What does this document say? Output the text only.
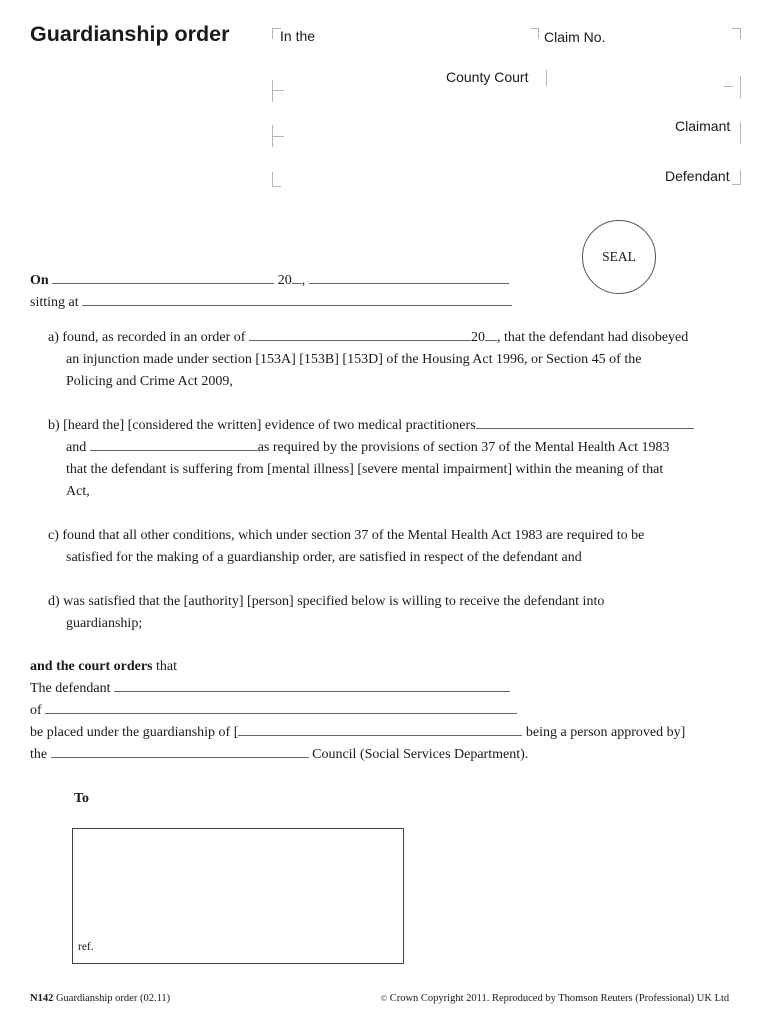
Guardianship order	In the	Claim No.
County Court
Claimant
Defendant
SEAL
On	20 ,
sitting at
a) found, as recorded in an order of	20 , that the defendant had disobeyed
an injunction made under section [153A] [153B] [153D] of the Housing Act 1996, or Section 45 of the
Policing and Crime Act 2009,
b) [heard the] [considered the written] evidence of two medical practitioners
and	as required by the provisions of section 37 of the Mental Health Act 1983
that the defendant is suffering from [mental illness] [severe mental impairment] within the meaning of that
Act,
c) found that all other conditions, which under section 37 of the Mental Health Act 1983 are required to be
satisfied for the making of a guardianship order, are satisfied in respect of the defendant and
d) was satisfied that the [authority] [person] specified below is willing to receive the defendant into
guardianship;
and the court orders that
The defendant
of
be placed under the guardianship of [	being a person approved by]
the	Council (Social Services Department).
To
ref.
N142 Guardianship order (02.11)	© Crown Copyright 2011. Reproduced by Thomson Reuters (Professional) UK Ltd
